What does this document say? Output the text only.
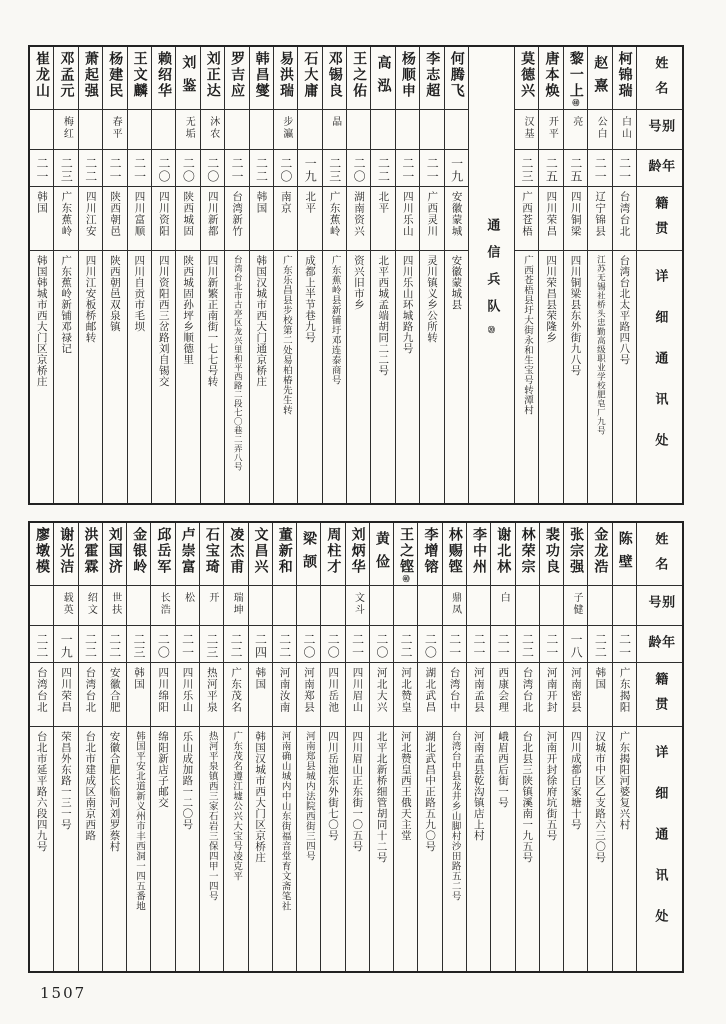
姓名
别号
年龄
籍贯
详细通讯处
柯锦瑞
白山
二一
台湾台北
台湾台北太平路四八号
赵熹
公白
二一
辽宁锦县
江苏无锡社桥头忠勤高级职业学校肥皂厂九号
黎一上㊵
亮
二五
四川铜梁
四川铜梁县东外街九八号
唐本焕
开平
二五
四川荣昌
四川荣昌县荣隆乡
莫德兴
汉基
二三
广西苍梧
广西苍梧县圩大街永和生宝号转潭村
通信兵队⑳
何腾飞
一九
安徽蒙城
安徽蒙城县
李志超
二一
广西灵川
灵川镇义乡公所转
杨顺申
二一
四川乐山
四川乐山环城路九号
高泓
二二
北平
北平西城孟端胡同二二号
王之佑
二〇
湖南资兴
资兴旧市乡
邓锡良
晶
二三
广东蕉岭
广东蕉岭县新铺圩邓连泰商号
石大庸
一九
北平
成都上半节巷九号
易洪瑞
步瀛
二〇
南京
广东乐昌县步校第二处易柏椿先生转
韩昌燮
二二
韩国
韩国汉城市西大门通京桥庄
罗吉应
二一
台湾新竹
台湾台北市古亭区龙兴里和平西路二段七〇巷二弄八号
刘正达
沐农
二〇
四川新都
四川新繁正南街一七七号转
刘鉴
无垢
二〇
陕西城固
陕西城固孙坪乡顺德里
赖绍华
二〇
四川资阳
四川资阳西三岔路刘自锡交
王文麟
二一
四川富顺
四川自贡市毛坝
杨建民
春平
二一
陕西朝邑
陕西朝邑双泉镇
萧起强
二二
四川江安
四川江安板桥邮转
邓孟元
梅红
二三
广东蕉岭
广东蕉岭新铺邓禄记
崔龙山
二一
韩国
韩国韩城市西大门区京桥庄
姓名
别号
年龄
籍贯
详细通讯处
陈壁
二一
广东揭阳
广东揭阳河婆复兴村
金龙浩
二二
韩国
汉城市中区乙支路六三〇号
张宗强
子健
一八
河南密县
四川成都白家塘十号
裴功良
二一
河南开封
河南开封徐府坑街五号
林荣宗
二二
台湾台北
台北县三陕镇溪南一九五号
谢北林
白
二一
西康会理
峨眉西后街一号
李中州
二一
河南孟县
河南孟县乾沟镇店上村
林赐铿
鼎凤
二一
台湾台中
台湾台中县龙井乡山脚村沙田路五二号
李增镕
二〇
湖北武昌
湖北武昌中正路五九〇号
王之铿㊵
二二
河北赞皇
河北赞皇西王俄天主堂
黄俭
二〇
河北大兴
北平北新桥细管胡同十二号
刘炳华
文斗
二一
四川眉山
四川眉山正东街一〇五号
周柱才
二〇
四川岳池
四川岳池东外街七〇号
梁颉
二〇
河南郑县
河南郑县城内法院西街三四号
董新和
二二
河南汝南
河南确山城内中山东街福音堂育文斋笔社
文昌兴
二四
韩国
韩国汉城市西大门区京桥庄
凌杰甫
瑞坤
二二
广东茂名
广东茂名遵江墟公兴大宝号凌克平
石宝琦
开
二三
热河平泉
热河平泉镇西三家石岩三保四甲一四号
卢崇富
松
二一
四川乐山
乐山成加路一二〇号
邱岳军
长浩
二〇
四川绵阳
绵阳新店子邮交
金银岭
二三
韩国
韩国平安北道新义州市丰西洞一四五番地
刘国济
世扶
二二
安徽合肥
安徽合肥长临河刘罗蔡村
洪霍霖
绍文
二二
台湾台北
台北市建成区南京西路
谢光洁
载英
一九
四川荣昌
荣昌外东路一三一号
廖墩模
二二
台湾台北
台北市延平路六段四九号
1507
